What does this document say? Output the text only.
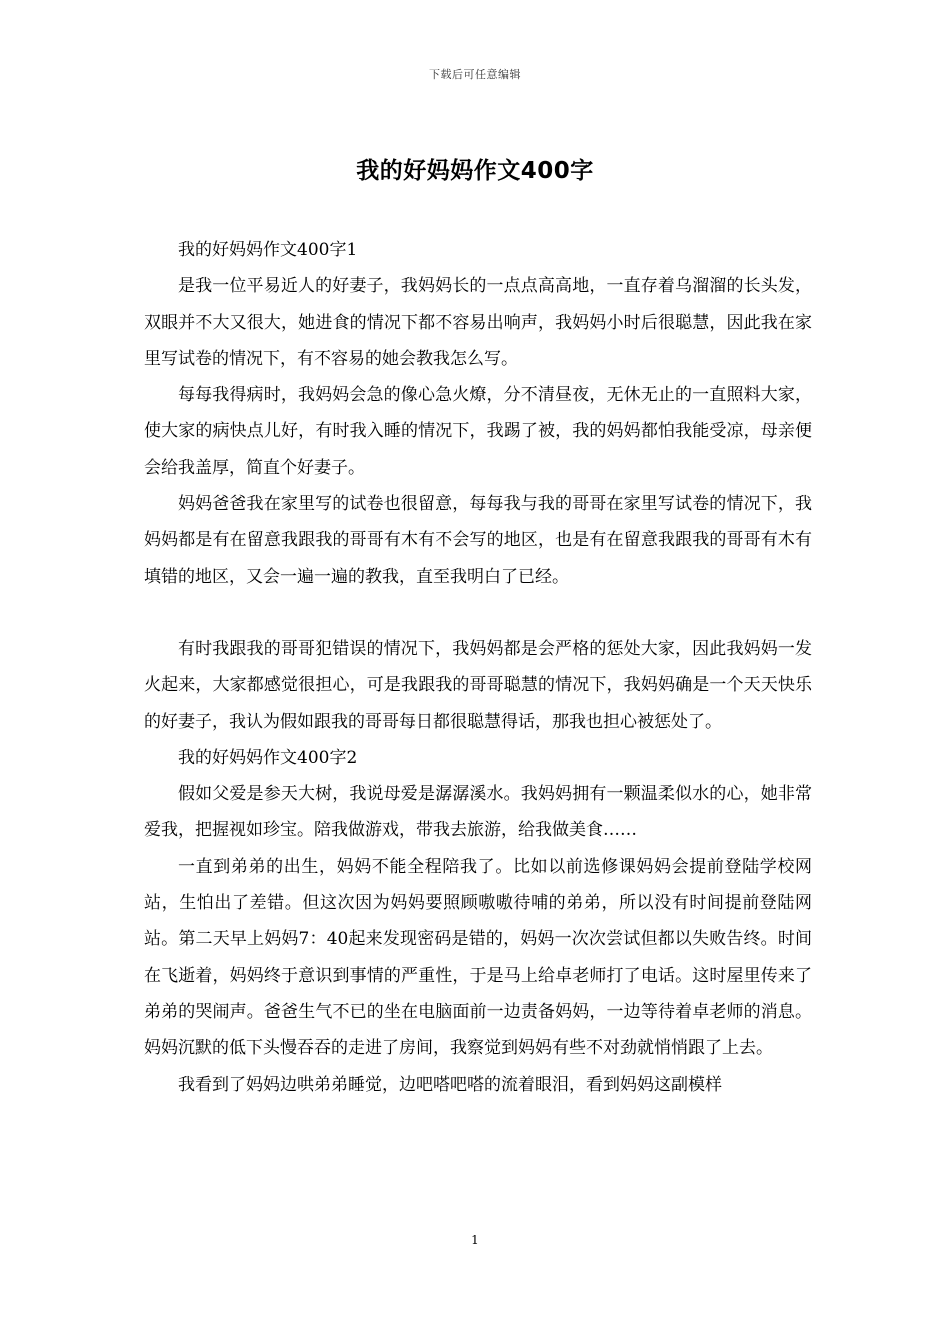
下载后可任意编辑
我的好妈妈作文400字

我的好妈妈作文400字1

是我一位平易近人的好妻子，我妈妈长的一点点高高地，一直存着乌溜溜的长头发，双眼并不大又很大，她进食的情况下都不容易出响声，我妈妈小时后很聪慧，因此我在家里写试卷的情况下，有不容易的她会教我怎么写。

每每我得病时，我妈妈会急的像心急火燎，分不清昼夜，无休无止的一直照料大家，使大家的病快点儿好，有时我入睡的情况下，我踢了被，我的妈妈都怕我能受凉，母亲便会给我盖厚，简直个好妻子。

妈妈爸爸我在家里写的试卷也很留意，每每我与我的哥哥在家里写试卷的情况下，我妈妈都是有在留意我跟我的哥哥有木有不会写的地区，也是有在留意我跟我的哥哥有木有填错的地区，又会一遍一遍的教我，直至我明白了已经。

有时我跟我的哥哥犯错误的情况下，我妈妈都是会严格的惩处大家，因此我妈妈一发火起来，大家都感觉很担心，可是我跟我的哥哥聪慧的情况下，我妈妈确是一个天天快乐的好妻子，我认为假如跟我的哥哥每日都很聪慧得话，那我也担心被惩处了。

我的好妈妈作文400字2

假如父爱是参天大树，我说母爱是潺潺溪水。我妈妈拥有一颗温柔似水的心，她非常爱我，把握视如珍宝。陪我做游戏，带我去旅游，给我做美食……

一直到弟弟的出生，妈妈不能全程陪我了。比如以前选修课妈妈会提前登陆学校网站，生怕出了差错。但这次因为妈妈要照顾嗷嗷待哺的弟弟，所以没有时间提前登陆网站。第二天早上妈妈7：40起来发现密码是错的，妈妈一次次尝试但都以失败告终。时间在飞逝着，妈妈终于意识到事情的严重性，于是马上给卓老师打了电话。这时屋里传来了弟弟的哭闹声。爸爸生气不已的坐在电脑面前一边责备妈妈，一边等待着卓老师的消息。妈妈沉默的低下头慢吞吞的走进了房间，我察觉到妈妈有些不对劲就悄悄跟了上去。

我看到了妈妈边哄弟弟睡觉，边吧嗒吧嗒的流着眼泪，看到妈妈这副模样

1
